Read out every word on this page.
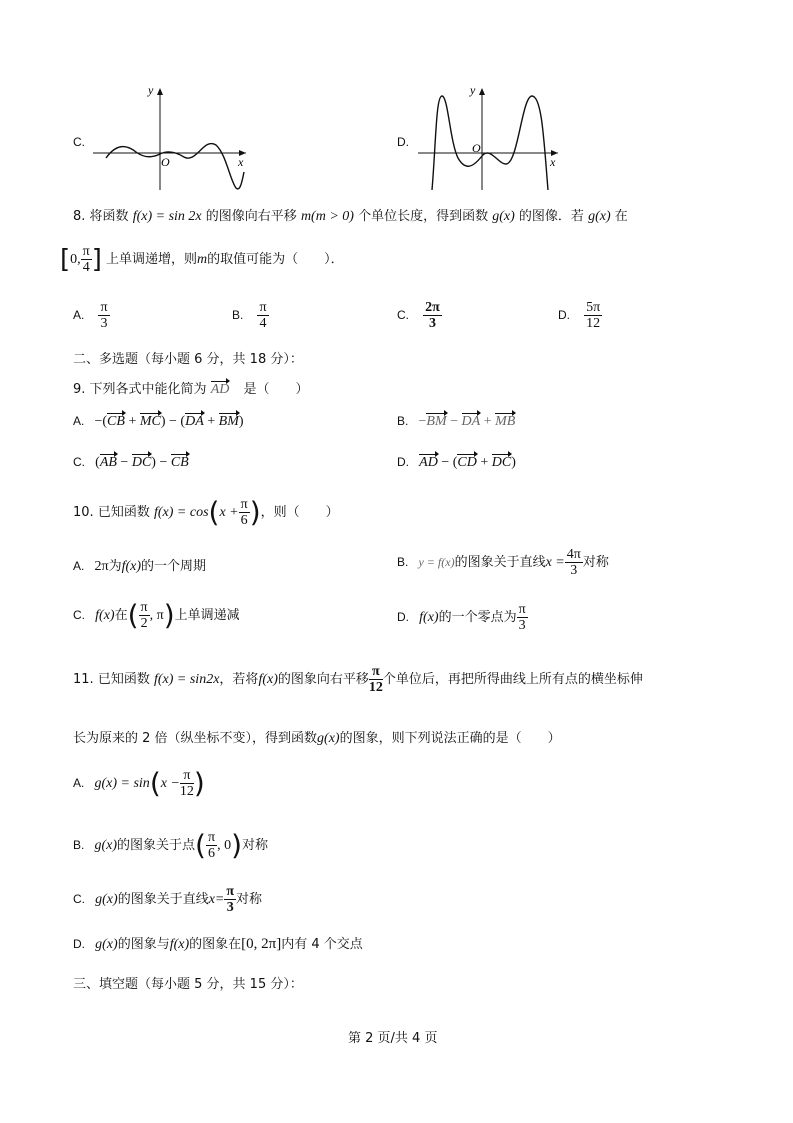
C.
y
x
O
D.
y
x
O
8. 将函数 f(x) = sin 2x 的图像向右平移 m(m > 0) 个单位长度，得到函数 g(x) 的图像．若 g(x) 在
[0, $\frac{\pi}{4}$ ] 上单调递增，则m的取值可能为（　　）．
A. $\frac{\pi}{3}$	B. $\frac{\pi}{4}$	C. $\frac{2\pi}{3}$	D. $\frac{5\pi}{12}$
二、多选题（每小题 6 分，共 18 分）：
9. 下列各式中能化简为 AD 是（　　）
A. −(CB + MC) − (DA + BM)	B. −BM − DA + MB
C. (AB − DC) − CB	D. AD − (CD + DC)
10. 已知函数 $f(x) = \cos(x + \frac{\pi}{6}$ )，则（　　）
A. 2π为f(x)的一个周期	B. y = f(x)的图象关于直线$x = \frac{4\pi}{3}$ 对称
C. f(x)在( $\frac{\pi}{2}$ , π)上单调递减	D. f(x)的一个零点为 $\frac{\pi}{3}$
11. 已知函数 f(x) = sin2x，若将f(x)的图象向右平移 $\frac{\pi}{12}$ 个单位后，再把所得曲线上所有点的横坐标伸
长为原来的 2 倍（纵坐标不变），得到函数g(x)的图象，则下列说法正确的是（　　）
A. $g(x) = \sin(x - \frac{\pi}{12}$ )
B. g(x)的图象关于点( $\frac{\pi}{6}$ , 0)对称
C. g(x)的图象关于直线$x= \frac{\pi}{3}$ 对称
D. g(x)的图象与f(x)的图象在[0, 2π]内有 4 个交点
三、填空题（每小题 5 分，共 15 分）：
第 2 页/共 4 页
